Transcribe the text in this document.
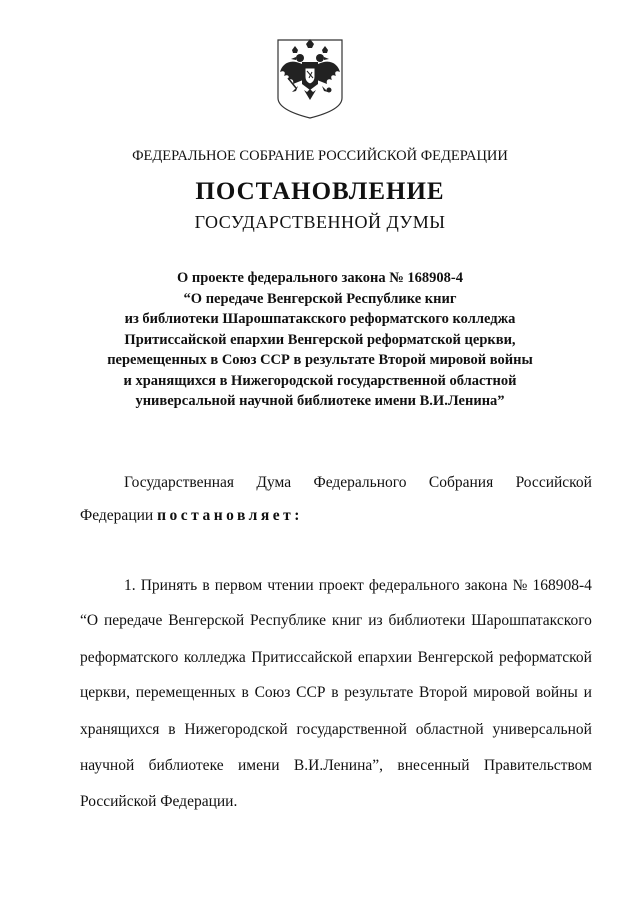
ФЕДЕРАЛЬНОЕ СОБРАНИЕ РОССИЙСКОЙ ФЕДЕРАЦИИ
ПОСТАНОВЛЕНИЕ
ГОСУДАРСТВЕННОЙ ДУМЫ
О проекте федерального закона № 168908-4
“О передаче Венгерской Республике книг
из библиотеки Шарошпатакского реформатского колледжа
Притиссайской епархии Венгерской реформатской церкви,
перемещенных в Союз ССР в результате Второй мировой войны
и хранящихся в Нижегородской государственной областной
универсальной научной библиотеке имени В.И.Ленина”
Государственная Дума Федерального Собрания Российской
Федерации постановляет:
1. Принять в первом чтении проект федерального закона № 168908-4
“О передаче Венгерской Республике книг из библиотеки Шарошпатакского
реформатского колледжа Притиссайской епархии Венгерской реформатской
церкви, перемещенных в Союз ССР в результате Второй мировой войны и
хранящихся в Нижегородской государственной областной универсальной
научной библиотеке имени В.И.Ленина”, внесенный Правительством
Российской Федерации.
